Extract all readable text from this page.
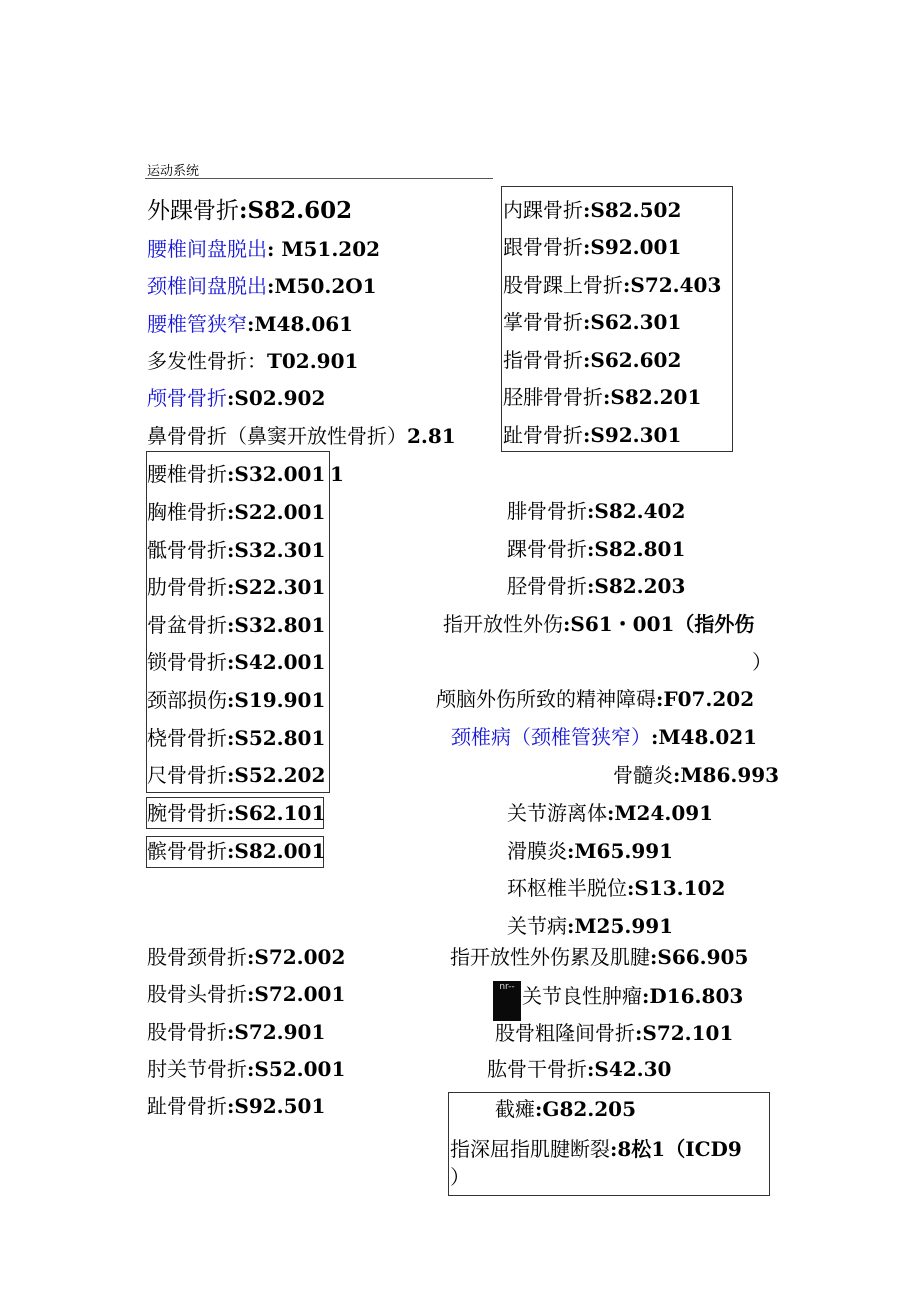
运动系统
nr--
外踝骨折:S82.602
腰椎间盘脱出: M51.202
颈椎间盘脱出:M50.2O1
腰椎管狭窄:M48.061
多发性骨折：T02.901
颅骨骨折:S02.902
鼻骨骨折（鼻窦开放性骨折）2.81
1
腰椎骨折:S32.001
胸椎骨折:S22.001
骶骨骨折:S32.301
肋骨骨折:S22.301
骨盆骨折:S32.801
锁骨骨折:S42.001
颈部损伤:S19.901
桡骨骨折:S52.801
尺骨骨折:S52.202
腕骨骨折:S62.101
髌骨骨折:S82.001
股骨颈骨折:S72.002
股骨头骨折:S72.001
股骨骨折:S72.901
肘关节骨折:S52.001
趾骨骨折:S92.501
内踝骨折:S82.502
跟骨骨折:S92.001
股骨踝上骨折:S72.403
掌骨骨折:S62.301
指骨骨折:S62.602
胫腓骨骨折:S82.201
趾骨骨折:S92.301
腓骨骨折:S82.402
踝骨骨折:S82.801
胫骨骨折:S82.203
指开放性外伤:S61・001（指外伤
）
颅脑外伤所致的精神障碍:F07.202
颈椎病（颈椎管狭窄）:M48.021
骨髓炎:M86.993
关节游离体:M24.091
滑膜炎:M65.991
环枢椎半脱位:S13.102
关节病:M25.991
指开放性外伤累及肌腱:S66.905
关节良性肿瘤:D16.803
股骨粗隆间骨折:S72.101
肱骨干骨折:S42.30
截瘫:G82.205
指深屈指肌腱断裂:8松1（ICD9
）
